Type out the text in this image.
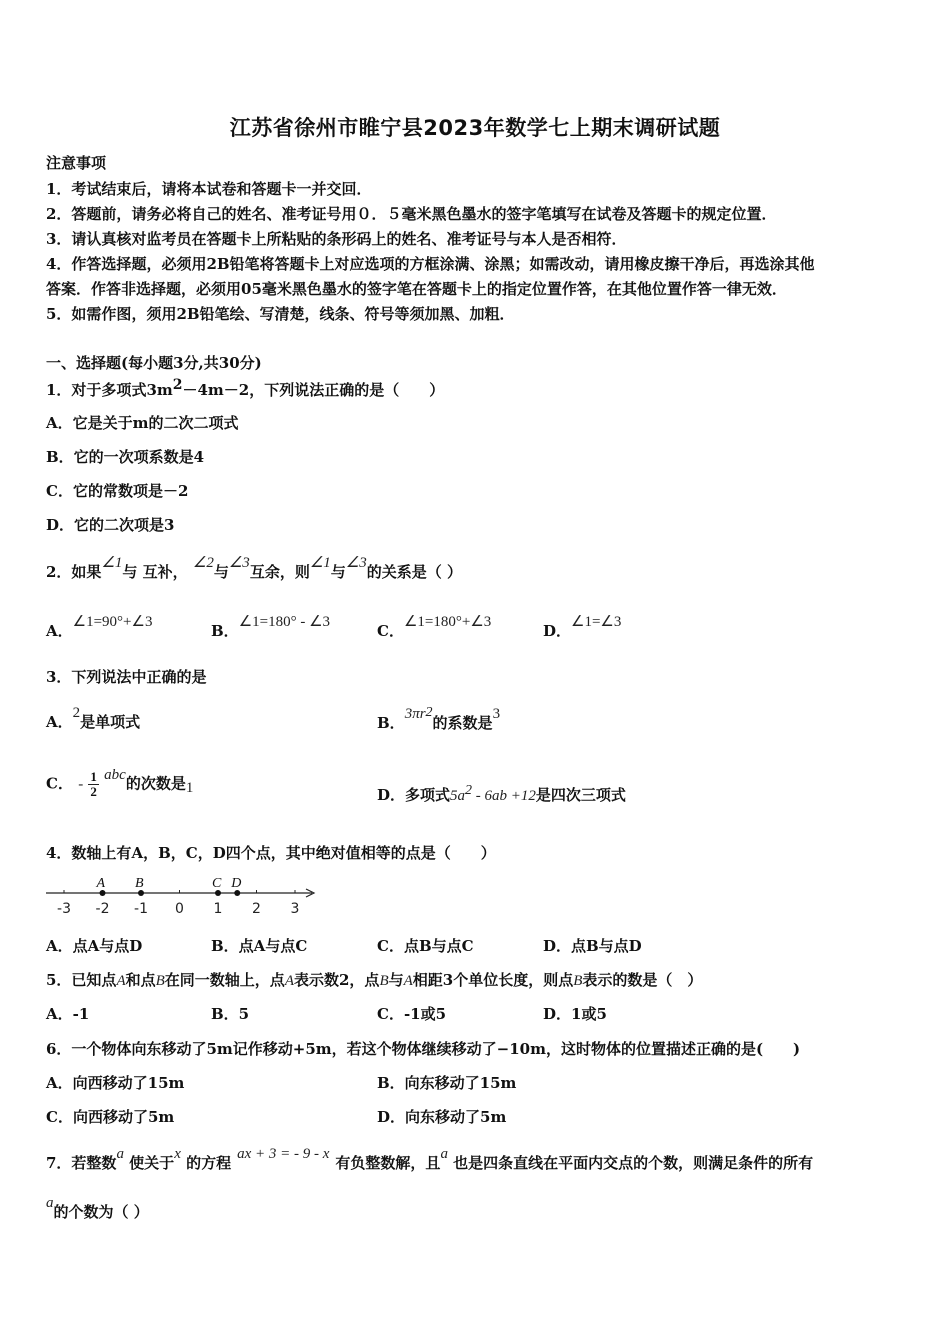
江苏省徐州市睢宁县2023年数学七上期末调研试题
注意事项
1．考试结束后，请将本试卷和答题卡一并交回．
2．答题前，请务必将自己的姓名、准考证号用０．５毫米黑色墨水的签字笔填写在试卷及答题卡的规定位置．
3．请认真核对监考员在答题卡上所粘贴的条形码上的姓名、准考证号与本人是否相符．
4．作答选择题，必须用2B铅笔将答题卡上对应选项的方框涂满、涂黑；如需改动，请用橡皮擦干净后，再选涂其他
答案．作答非选择题，必须用05毫米黑色墨水的签字笔在答题卡上的指定位置作答，在其他位置作答一律无效．
5．如需作图，须用2B铅笔绘、写清楚，线条、符号等须加黑、加粗．
一、选择题(每小题3分,共30分)
1．对于多项式$3m^2-4m-2$，下列说法正确的是（　　）
A．它是关于m的二次二项式
B．它的一次项系数是4
C．它的常数项是－2
D．它的二次项是3
2．如果∠1与 互补， ∠2与∠3互余，则∠1与∠3的关系是（ ）
A．∠1=90°+∠3	B．∠1=180° - ∠3	C．∠1=180°+∠3	D．∠1=∠3
3．下列说法中正确的是
A．2是单项式	B．$3\pi r^2$的系数是3
C． - $\frac{1}{2}$ abc的次数是1	D．多项式$5a^2 - 6ab +12$是四次三项式
4．数轴上有A，B，C，D四个点，其中绝对值相等的点是（　　）
-3 -2 -1 0 1 2 3
A B	C D
A．点A与点D	B．点A与点C	C．点B与点C	D．点B与点D
5．已知点A和点B在同一数轴上，点A表示数2，点B与A相距3个单位长度，则点B表示的数是（　）
A．-1	B．5	C．-1或5	D．1或5
6．一个物体向东移动了5m记作移动+5m，若这个物体继续移动了−10m，这时物体的位置描述正确的是(　　)
A．向西移动了15m	B．向东移动了15m
C．向西移动了5m	D．向东移动了5m
7．若整数a 使关于x 的方程 ax + 3 = - 9 - x 有负整数解，且a 也是四条直线在平面内交点的个数，则满足条件的所有
a的个数为（ ）
